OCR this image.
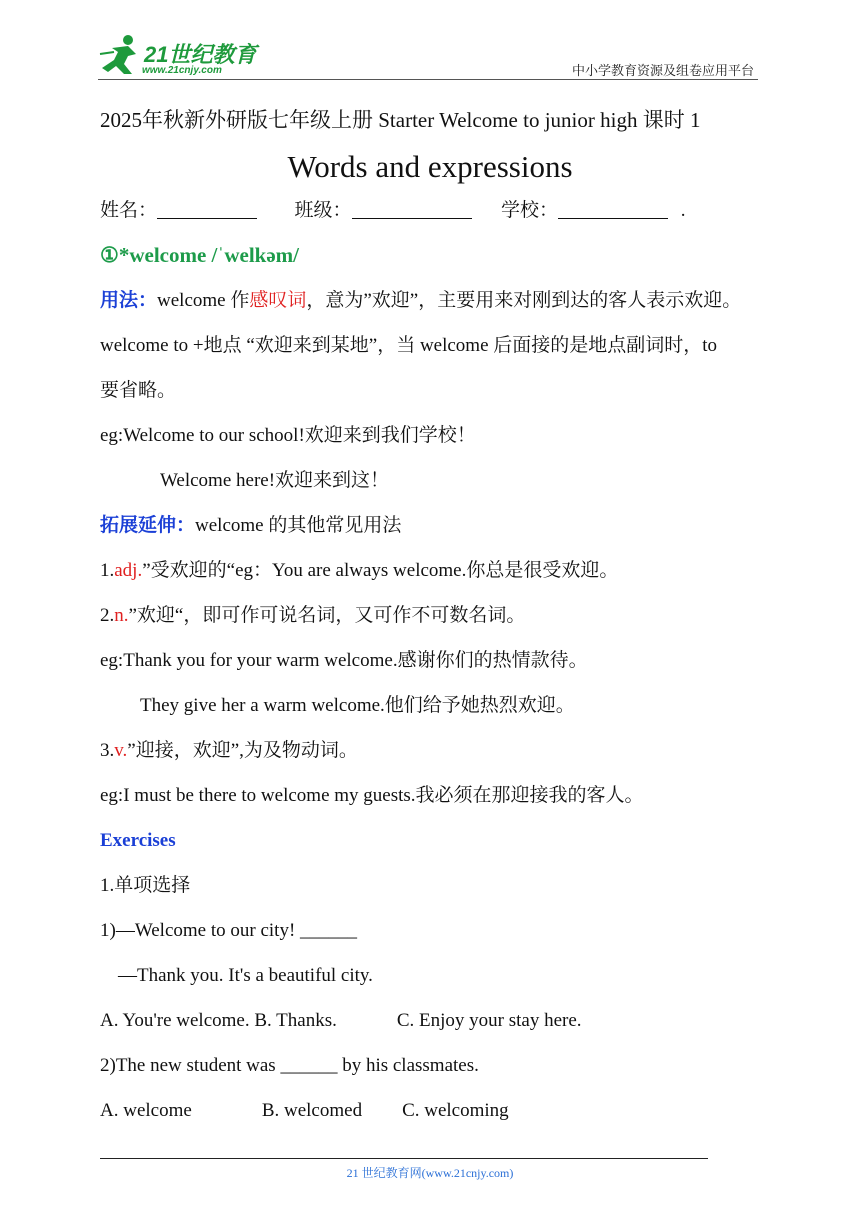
21世纪教育
www.21cnjy.com	中小学教育资源及组卷应用平台
2025年秋新外研版七年级上册 Starter Welcome to junior high 课时 1
Words and expressions
姓名：	班级：	学校：	.
①*welcome /ˈwelkəm/
用法：welcome 作感叹词，意为”欢迎”，主要用来对刚到达的客人表示欢迎。
welcome to +地点 “欢迎来到某地”，当 welcome 后面接的是地点副词时，to
要省略。
eg:Welcome to our school!欢迎来到我们学校！
Welcome here!欢迎来到这！
拓展延伸：welcome 的其他常见用法
1.adj.”受欢迎的“eg：You are always welcome.你总是很受欢迎。
2.n.”欢迎“，即可作可说名词，又可作不可数名词。
eg:Thank you for your warm welcome.感谢你们的热情款待。
They give her a warm welcome.他们给予她热烈欢迎。
3.v.”迎接，欢迎”,为及物动词。
eg:I must be there to welcome my guests.我必须在那迎接我的客人。
Exercises
1.单项选择
1)—Welcome to our city! ______
—Thank you. It's a beautiful city.
A. You're welcome. B. Thanks.	C. Enjoy your stay here.
2)The new student was ______ by his classmates.
A. welcome	B. welcomed C. welcoming
21 世纪教育网(www.21cnjy.com)
